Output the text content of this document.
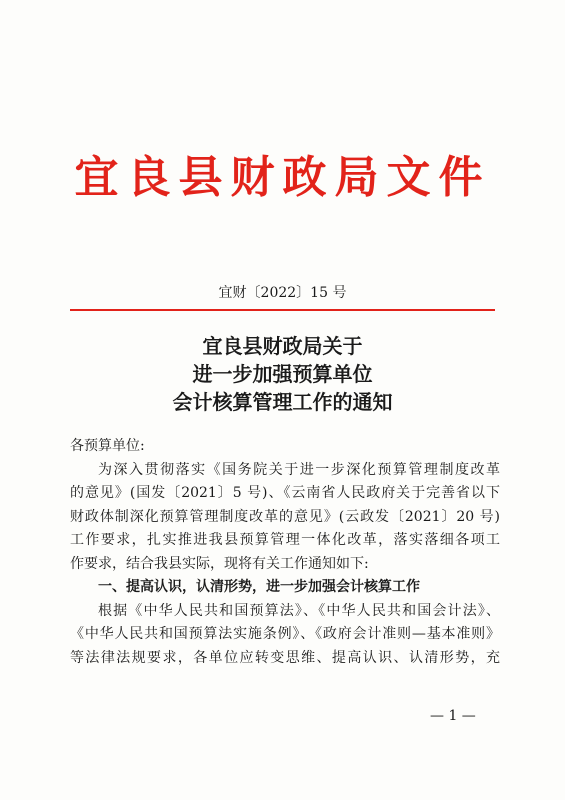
宜良县财政局文件
宜财〔2022〕15 号
宜良县财政局关于
进一步加强预算单位
会计核算管理工作的通知
各预算单位:
为深入贯彻落实《国务院关于进一步深化预算管理制度改革
的意见》(国发〔2021〕5 号)、《云南省人民政府关于完善省以下
财政体制深化预算管理制度改革的意见》(云政发〔2021〕20 号)
工作要求，扎实推进我县预算管理一体化改革，落实落细各项工
作要求，结合我县实际，现将有关工作通知如下:
一、提高认识，认清形势，进一步加强会计核算工作
根据《中华人民共和国预算法》、《中华人民共和国会计法》、
《中华人民共和国预算法实施条例》、《政府会计准则—基本准则》
等法律法规要求，各单位应转变思维、提高认识、认清形势，充
— 1 —
